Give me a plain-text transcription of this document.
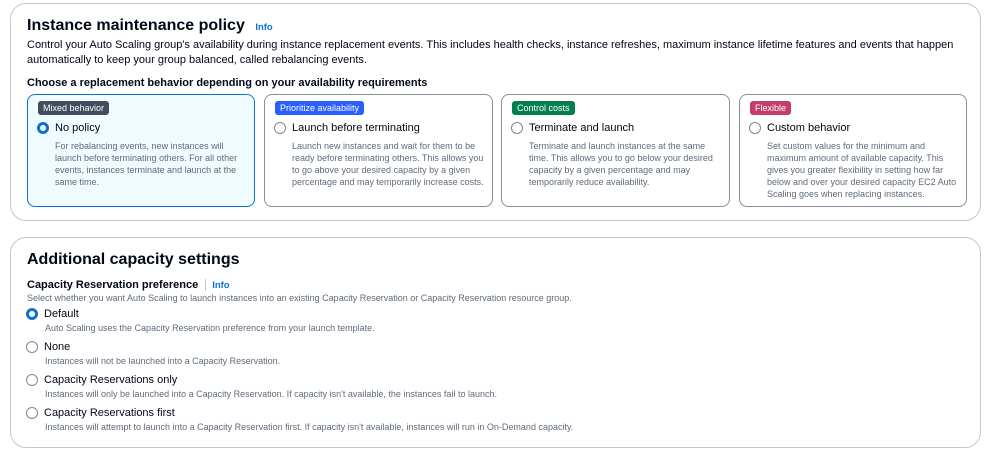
Instance maintenance policy Info

Control your Auto Scaling group's availability during instance replacement events. This includes health checks, instance refreshes, maximum instance lifetime features and events that happen automatically to keep your group balanced, called rebalancing events.

Choose a replacement behavior depending on your availability requirements
Mixed behavior
No policy
For rebalancing events, new instances will launch before terminating others. For all other events, instances terminate and launch at the same time.
Prioritize availability
Launch before terminating
Launch new instances and wait for them to be ready before terminating others. This allows you to go above your desired capacity by a given percentage and may temporarily increase costs.
Control costs
Terminate and launch
Terminate and launch instances at the same time. This allows you to go below your desired capacity by a given percentage and may temporarily reduce availability.
Flexible
Custom behavior
Set custom values for the minimum and maximum amount of available capacity. This gives you greater flexibility in setting how far below and over your desired capacity EC2 Auto Scaling goes when replacing instances.
Additional capacity settings
Capacity Reservation preference Info
Select whether you want Auto Scaling to launch instances into an existing Capacity Reservation or Capacity Reservation resource group.
Default
Auto Scaling uses the Capacity Reservation preference from your launch template.
None
Instances will not be launched into a Capacity Reservation.
Capacity Reservations only
Instances will only be launched into a Capacity Reservation. If capacity isn't available, the instances fail to launch.
Capacity Reservations first
Instances will attempt to launch into a Capacity Reservation first. If capacity isn't available, instances will run in On-Demand capacity.
